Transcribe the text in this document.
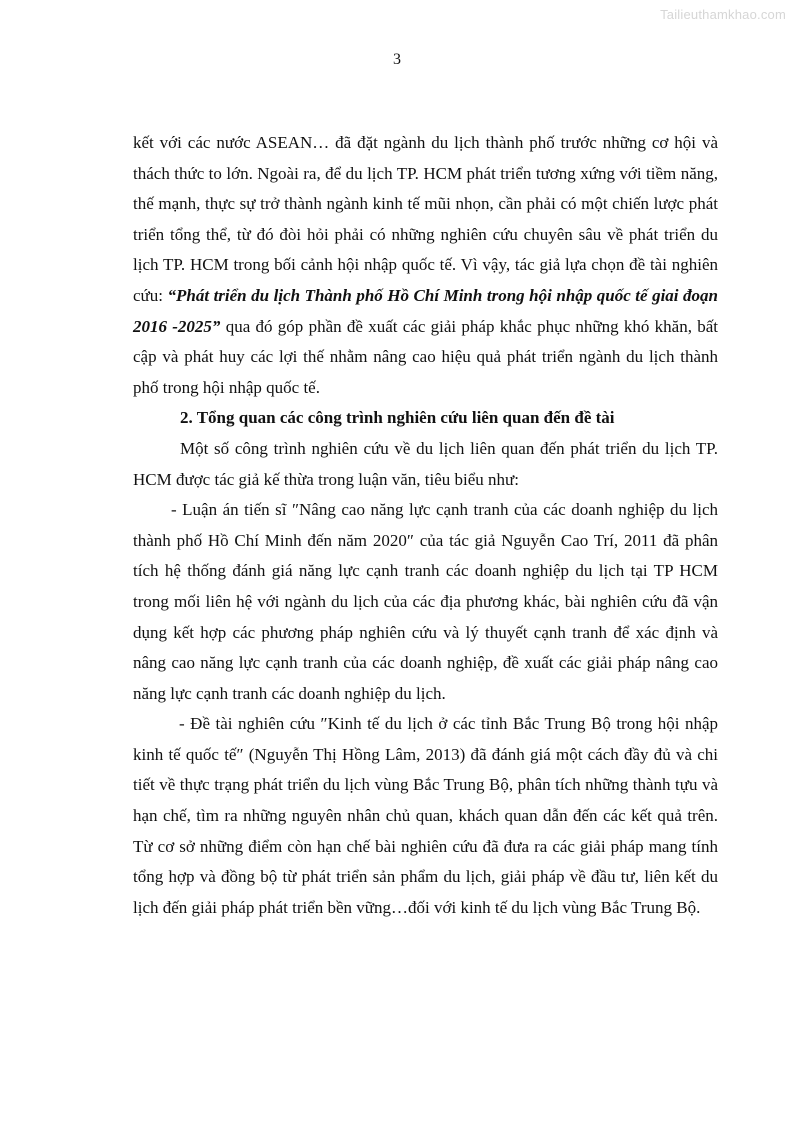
Tailieuthamkhao.com
3

kết với các nước ASEAN… đã đặt ngành du lịch thành phố trước những cơ hội và thách thức to lớn. Ngoài ra, để du lịch TP. HCM phát triển tương xứng với tiềm năng, thế mạnh, thực sự trở thành ngành kinh tế mũi nhọn, cần phải có một chiến lược phát triển tổng thể, từ đó đòi hỏi phải có những nghiên cứu chuyên sâu về phát triển du lịch TP. HCM trong bối cảnh hội nhập quốc tế. Vì vậy, tác giả lựa chọn đề tài nghiên cứu: “Phát triển du lịch Thành phố Hồ Chí Minh trong hội nhập quốc tế giai đoạn 2016 -2025” qua đó góp phần đề xuất các giải pháp khắc phục những khó khăn, bất cập và phát huy các lợi thế nhằm nâng cao hiệu quả phát triển ngành du lịch thành phố trong hội nhập quốc tế.

2. Tổng quan các công trình nghiên cứu liên quan đến đề tài

Một số công trình nghiên cứu về du lịch liên quan đến phát triển du lịch TP. HCM được tác giả kế thừa trong luận văn, tiêu biểu như:

- Luận án tiến sĩ ″Nâng cao năng lực cạnh tranh của các doanh nghiệp du lịch thành phố Hồ Chí Minh đến năm 2020″ của tác giả Nguyễn Cao Trí, 2011 đã phân tích hệ thống đánh giá năng lực cạnh tranh các doanh nghiệp du lịch tại TP HCM trong mối liên hệ với ngành du lịch của các địa phương khác, bài nghiên cứu đã vận dụng kết hợp các phương pháp nghiên cứu và lý thuyết cạnh tranh để xác định và nâng cao năng lực cạnh tranh của các doanh nghiệp, đề xuất các giải pháp nâng cao năng lực cạnh tranh các doanh nghiệp du lịch.

- Đề tài nghiên cứu ″Kinh tế du lịch ở các tỉnh Bắc Trung Bộ trong hội nhập kinh tế quốc tế″ (Nguyễn Thị Hồng Lâm, 2013) đã đánh giá một cách đầy đủ và chi tiết về thực trạng phát triển du lịch vùng Bắc Trung Bộ, phân tích những thành tựu và hạn chế, tìm ra những nguyên nhân chủ quan, khách quan dẫn đến các kết quả trên. Từ cơ sở những điểm còn hạn chế bài nghiên cứu đã đưa ra các giải pháp mang tính tổng hợp và đồng bộ từ phát triển sản phẩm du lịch, giải pháp về đầu tư, liên kết du lịch đến giải pháp phát triển bền vững…đối với kinh tế du lịch vùng Bắc Trung Bộ.
